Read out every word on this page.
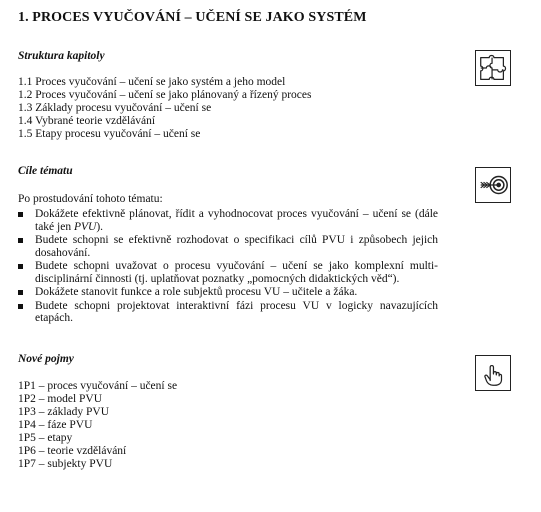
1. PROCES VYUČOVÁNÍ – UČENÍ SE JAKO SYSTÉM
Struktura kapitoly
1.1 Proces vyučování – učení se jako systém a jeho model
1.2 Proces vyučování – učení se jako plánovaný a řízený proces
1.3 Základy procesu vyučování – učení se
1.4 Vybrané teorie vzdělávání
1.5 Etapy procesu vyučování – učení se
Cíle tématu

Po prostudování tohoto tématu:

Dokážete efektivně plánovat, řídit a vyhodnocovat proces vyučování – učení se (dále také jen PVU).
Budete schopni se efektivně rozhodovat o specifikaci cílů PVU i způsobech jejich dosahování.
Budete schopni uvažovat o procesu vyučování – učení se jako komplexní multidisciplinární činnosti (tj. uplatňovat poznatky „pomocných didaktických věd“).
Dokážete stanovit funkce a role subjektů procesu VU – učitele a žáka.
Budete schopni projektovat interaktivní fázi procesu VU v logicky navazujících etapách.
Nové pojmy
1P1 – proces vyučování – učení se
1P2 – model PVU
1P3 – základy PVU
1P4 – fáze PVU
1P5 – etapy
1P6 – teorie vzdělávání
1P7 – subjekty PVU
